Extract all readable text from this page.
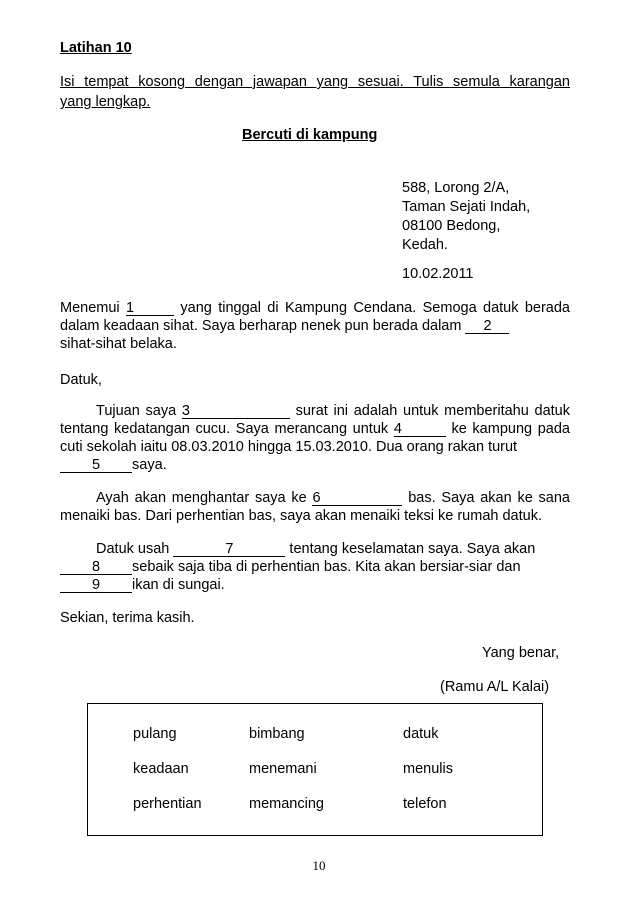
Latihan 10
Isi tempat kosong dengan jawapan yang sesuai. Tulis semula karangan
yang lengkap.
Bercuti di kampung
588, Lorong 2/A,
Taman Sejati Indah,
08100 Bedong,
Kedah.
10.02.2011
Menemui 1	yang tinggal di Kampung Cendana. Semoga datuk berada
dalam keadaan sihat. Saya berharap nenek pun berada dalam 2
sihat-sihat belaka.
Datuk,
Tujuan saya 3	surat ini adalah untuk memberitahu datuk
tentang kedatangan cucu. Saya merancang untuk 4	ke kampung pada
cuti sekolah iaitu 08.03.2010 hingga 15.03.2010. Dua orang rakan turut
5 saya.
Ayah akan menghantar saya ke 6	bas. Saya akan ke sana
menaiki bas. Dari perhentian bas, saya akan menaiki teksi ke rumah datuk.
Datuk usah	7	tentang keselamatan saya. Saya akan
8 sebaik saja tiba di perhentian bas. Kita akan bersiar-siar dan
9 ikan di sungai.
Sekian, terima kasih.
Yang benar,
(Ramu A/L Kalai)
pulang	bimbang	datuk
keadaan	menemani	menulis
perhentian	memancing	telefon
10
